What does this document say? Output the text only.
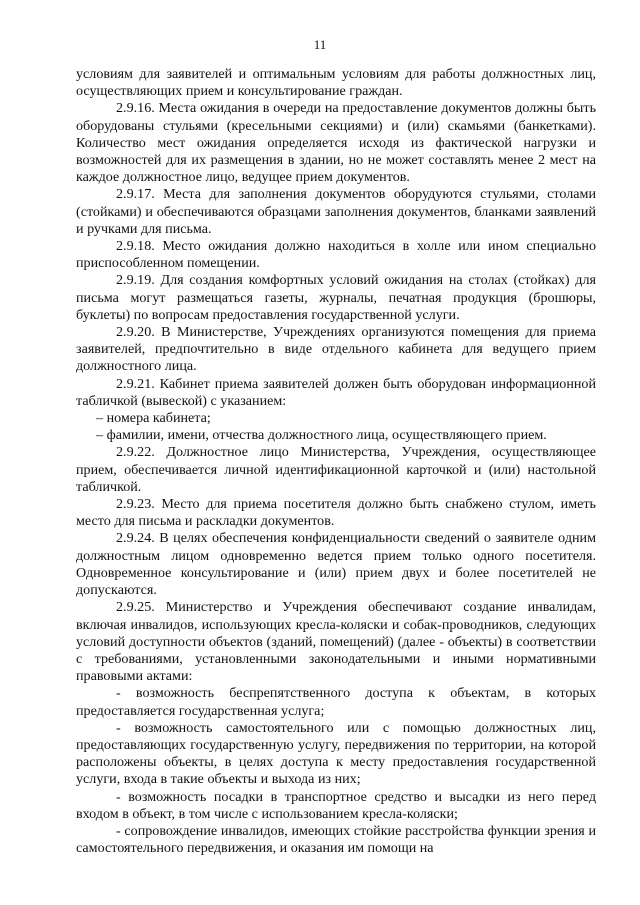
11

условиям для заявителей и оптимальным условиям для работы должностных лиц, осуществляющих прием и консультирование граждан.

2.9.16. Места ожидания в очереди на предоставление документов должны быть оборудованы стульями (кресельными секциями) и (или) скамьями (банкетками). Количество мест ожидания определяется исходя из фактической нагрузки и возможностей для их размещения в здании, но не может составлять менее 2 мест на каждое должностное лицо, ведущее прием документов.

2.9.17. Места для заполнения документов оборудуются стульями, столами (стойками) и обеспечиваются образцами заполнения документов, бланками заявлений и ручками для письма.

2.9.18. Место ожидания должно находиться в холле или ином специально приспособленном помещении.

2.9.19. Для создания комфортных условий ожидания на столах (стойках) для письма могут размещаться газеты, журналы, печатная продукция (брошюры, буклеты) по вопросам предоставления государственной услуги.

2.9.20. В Министерстве, Учреждениях организуются помещения для приема заявителей, предпочтительно в виде отдельного кабинета для ведущего прием должностного лица.

2.9.21. Кабинет приема заявителей должен быть оборудован информационной табличкой (вывеской) с указанием:

– номера кабинета;

– фамилии, имени, отчества должностного лица, осуществляющего прием.

2.9.22. Должностное лицо Министерства, Учреждения, осуществляющее прием, обеспечивается личной идентификационной карточкой и (или) настольной табличкой.

2.9.23. Место для приема посетителя должно быть снабжено стулом, иметь место для письма и раскладки документов.

2.9.24. В целях обеспечения конфиденциальности сведений о заявителе одним должностным лицом одновременно ведется прием только одного посетителя. Одновременное консультирование и (или) прием двух и более посетителей не допускаются.

2.9.25. Министерство и Учреждения обеспечивают создание инвалидам, включая инвалидов, использующих кресла-коляски и собак-проводников, следующих условий доступности объектов (зданий, помещений) (далее - объекты) в соответствии с требованиями, установленными законодательными и иными нормативными правовыми актами:

- возможность беспрепятственного доступа к объектам, в которых предоставляется государственная услуга;

- возможность самостоятельного или с помощью должностных лиц, предоставляющих государственную услугу, передвижения по территории, на которой расположены объекты, в целях доступа к месту предоставления государственной услуги, входа в такие объекты и выхода из них;

- возможность посадки в транспортное средство и высадки из него перед входом в объект, в том числе с использованием кресла-коляски;

- сопровождение инвалидов, имеющих стойкие расстройства функции зрения и самостоятельного передвижения, и оказания им помощи на
